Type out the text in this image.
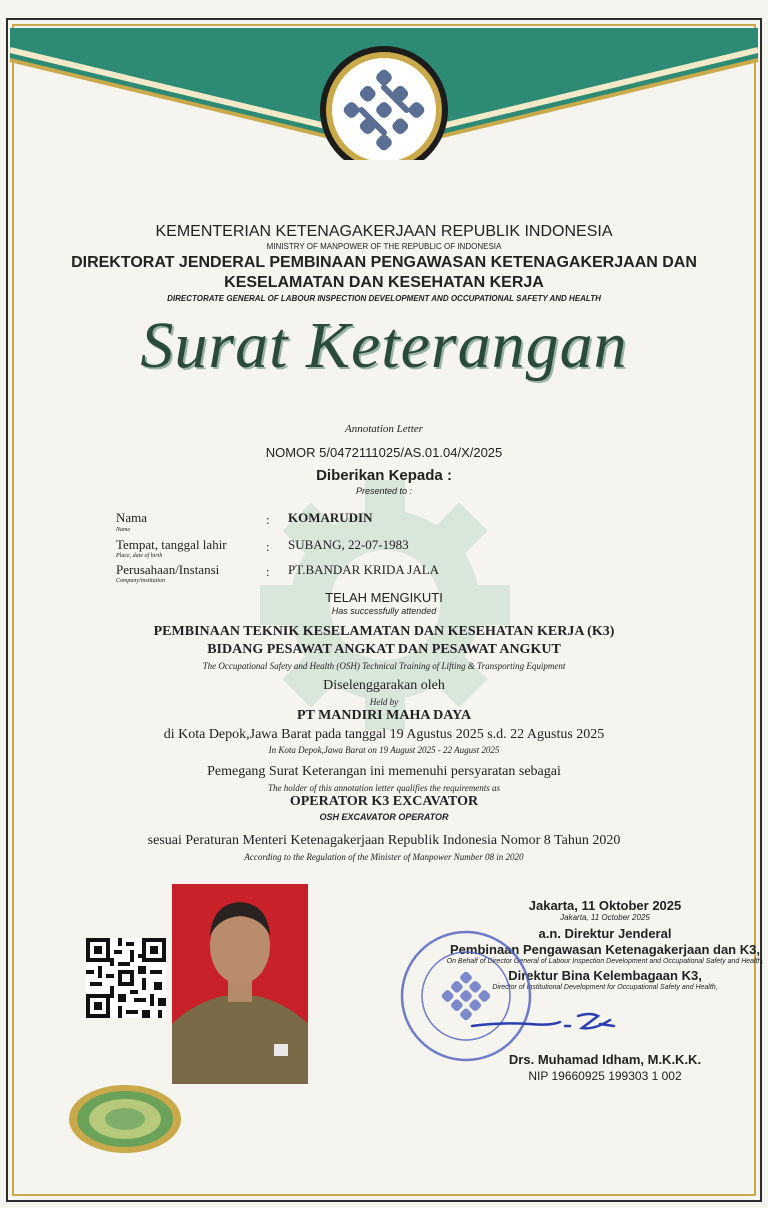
KEMENTERIAN KETENAGAKERJAAN REPUBLIK INDONESIA
MINISTRY OF MANPOWER OF THE REPUBLIC OF INDONESIA
DIREKTORAT JENDERAL PEMBINAAN PENGAWASAN KETENAGAKERJAAN DAN
KESELAMATAN DAN KESEHATAN KERJA
DIRECTORATE GENERAL OF LABOUR INSPECTION DEVELOPMENT AND OCCUPATIONAL SAFETY AND HEALTH
Surat Keterangan
Annotation Letter
NOMOR 5/0472111025/AS.01.04/X/2025
Diberikan Kepada :
Presented to :
Nama
Name
: KOMARUDIN
Tempat, tanggal lahir
Place, date of birth
: SUBANG, 22-07-1983
Perusahaan/Instansi
Company/institution
: PT.BANDAR KRIDA JALA
TELAH MENGIKUTI
Has successfully attended
PEMBINAAN TEKNIK KESELAMATAN DAN KESEHATAN KERJA (K3)
BIDANG PESAWAT ANGKAT DAN PESAWAT ANGKUT
The Occupational Safety and Health (OSH) Technical Training of Lifting & Transporting Equipment
Diselenggarakan oleh
Held by
PT MANDIRI MAHA DAYA
di Kota Depok,Jawa Barat pada tanggal 19 Agustus 2025 s.d. 22 Agustus 2025
In Kota Depok,Jawa Barat on 19 August 2025 - 22 August 2025
Pemegang Surat Keterangan ini memenuhi persyaratan sebagai
The holder of this annotation letter qualifies the requirements as
OPERATOR K3 EXCAVATOR
OSH EXCAVATOR OPERATOR
sesuai Peraturan Menteri Ketenagakerjaan Republik Indonesia Nomor 8 Tahun 2020
According to the Regulation of the Minister of Manpower Number 08 in 2020
Jakarta, 11 Oktober 2025
Jakarta, 11 October 2025
a.n. Direktur Jenderal
Pembinaan Pengawasan Ketenagakerjaan dan K3,
On Behalf of Director General of Labour Inspection Development and Occupational Safety and Health,
Direktur Bina Kelembagaan K3,
Director of Institutional Development for Occupational Safety and Health,
Drs. Muhamad Idham, M.K.K.K.
NIP 19660925 199303 1 002
